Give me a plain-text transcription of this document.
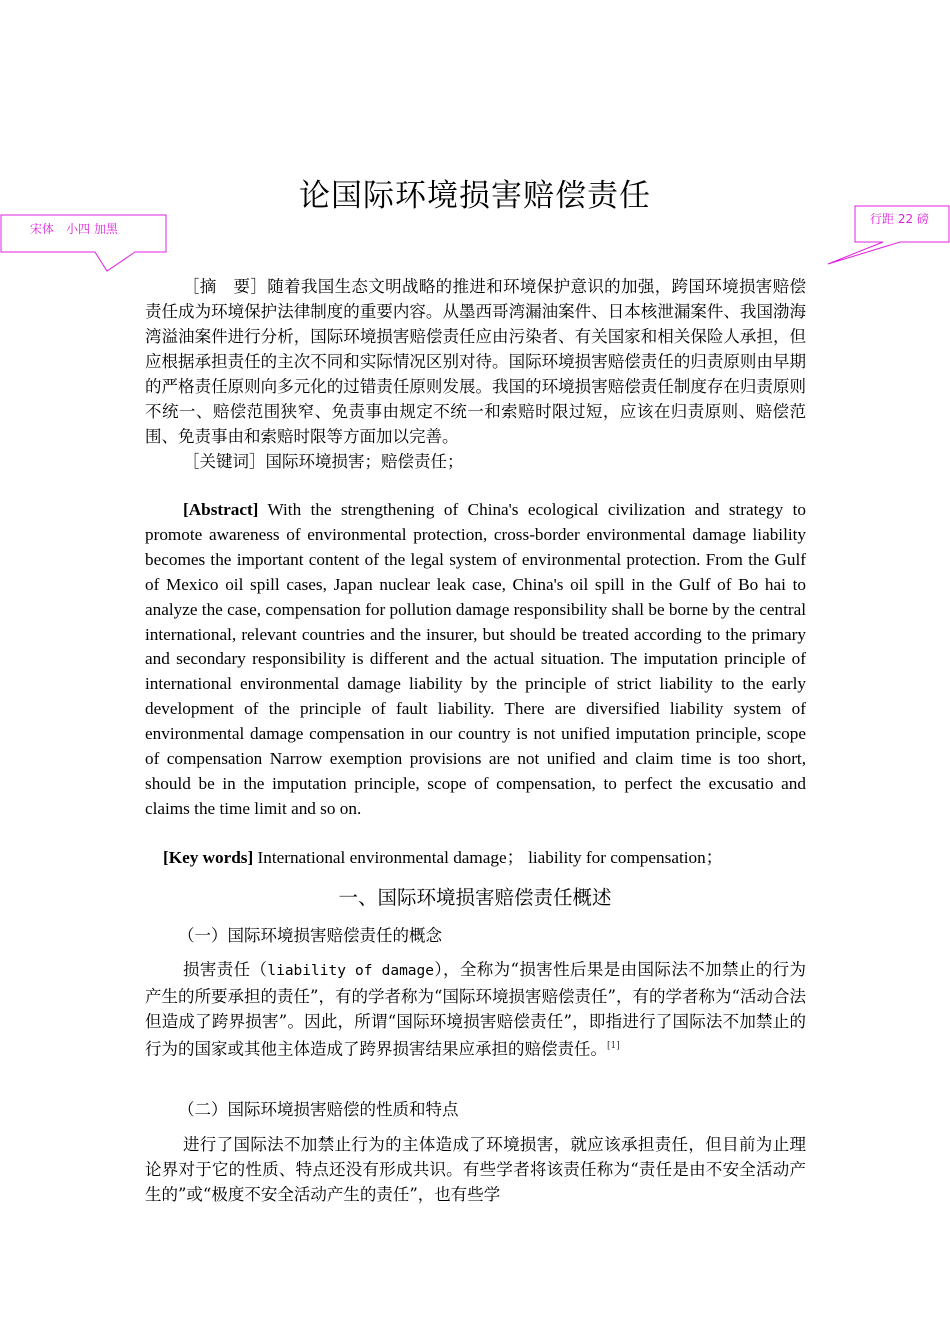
宋体　小四 加黑
行距 22 磅
论国际环境损害赔偿责任

［摘　要］随着我国生态文明战略的推进和环境保护意识的加强，跨国环境损害赔偿责任成为环境保护法律制度的重要内容。从墨西哥湾漏油案件、日本核泄漏案件、我国渤海湾溢油案件进行分析，国际环境损害赔偿责任应由污染者、有关国家和相关保险人承担，但应根据承担责任的主次不同和实际情况区别对待。国际环境损害赔偿责任的归责原则由早期的严格责任原则向多元化的过错责任原则发展。我国的环境损害赔偿责任制度存在归责原则不统一、赔偿范围狭窄、免责事由规定不统一和索赔时限过短，应该在归责原则、赔偿范围、免责事由和索赔时限等方面加以完善。

［关键词］国际环境损害；赔偿责任；

[Abstract] With the strengthening of China's ecological civilization and strategy to promote awareness of environmental protection, cross-border environmental damage liability becomes the important content of the legal system of environmental protection. From the Gulf of Mexico oil spill cases, Japan nuclear leak case, China's oil spill in the Gulf of Bo hai to analyze the case, compensation for pollution damage responsibility shall be borne by the central international, relevant countries and the insurer, but should be treated according to the primary and secondary responsibility is different and the actual situation. The imputation principle of international environmental damage liability by the principle of strict liability to the early development of the principle of fault liability. There are diversified liability system of environmental damage compensation in our country is not unified imputation principle, scope of compensation Narrow exemption provisions are not unified and claim time is too short, should be in the imputation principle, scope of compensation, to perfect the excusatio and claims the time limit and so on.

[Key words] International environmental damage； liability for compensation；

一、国际环境损害赔偿责任概述
（一）国际环境损害赔偿责任的概念

损害责任（liability of damage），全称为“损害性后果是由国际法不加禁止的行为产生的所要承担的责任”，有的学者称为“国际环境损害赔偿责任”，有的学者称为“活动合法但造成了跨界损害”。因此，所谓“国际环境损害赔偿责任”，即指进行了国际法不加禁止的行为的国家或其他主体造成了跨界损害结果应承担的赔偿责任。[1]

（二）国际环境损害赔偿的性质和特点

进行了国际法不加禁止行为的主体造成了环境损害，就应该承担责任，但目前为止理论界对于它的性质、特点还没有形成共识。有些学者将该责任称为“责任是由不安全活动产生的”或“极度不安全活动产生的责任”，也有些学
